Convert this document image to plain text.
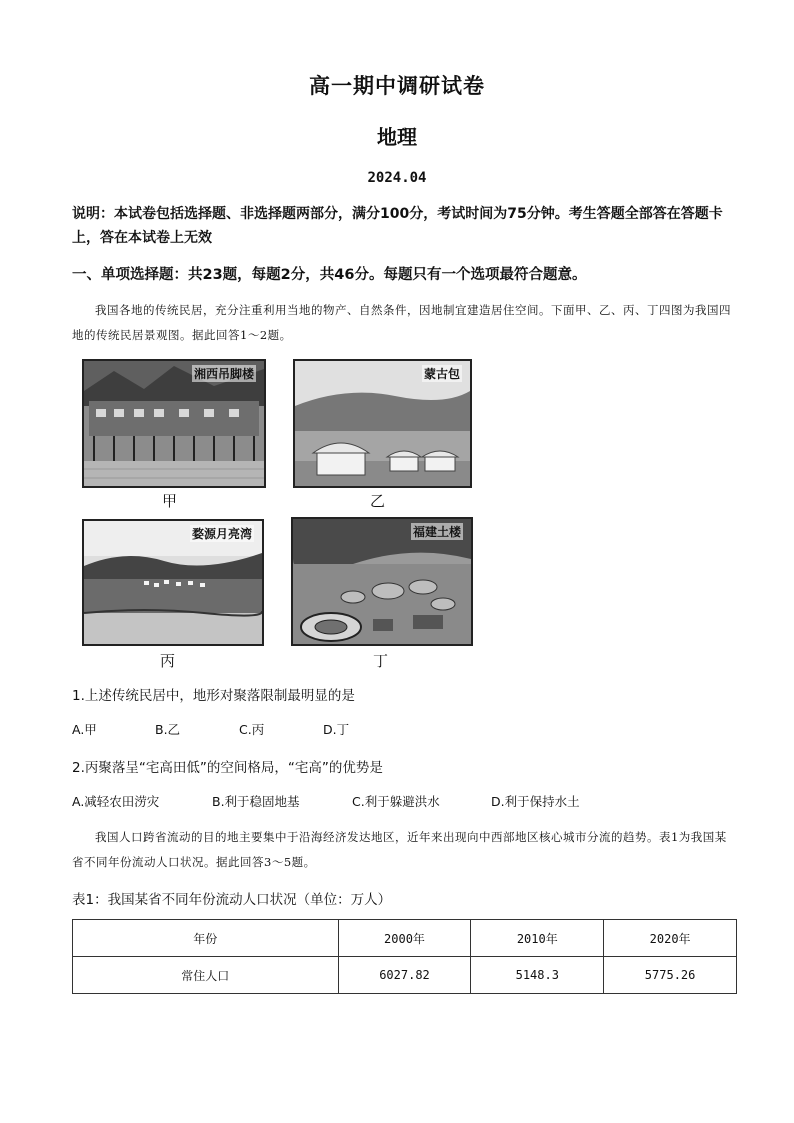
高一期中调研试卷
地理
2024.04
说明：本试卷包括选择题、非选择题两部分，满分100分，考试时间为75分钟。考生答题全部答在答题卡上，答在本试卷上无效
一、单项选择题：共23题，每题2分，共46分。每题只有一个选项最符合题意。
我国各地的传统民居，充分注重利用当地的物产、自然条件，因地制宜建造居住空间。下面甲、乙、丙、丁四图为我国四地的传统民居景观图。据此回答1～2题。
湘西吊脚楼
甲
蒙古包
乙
婺源月亮湾
丙
福建土楼
丁
1.上述传统民居中，地形对聚落限制最明显的是
A.甲	B.乙	C.丙	D.丁
2.丙聚落呈“宅高田低”的空间格局，“宅高”的优势是
A.减轻农田涝灾	B.利于稳固地基	C.利于躲避洪水	D.利于保持水土
我国人口跨省流动的目的地主要集中于沿海经济发达地区，近年来出现向中西部地区核心城市分流的趋势。表1为我国某省不同年份流动人口状况。据此回答3～5题。
表1：我国某省不同年份流动人口状况（单位：万人）
年份	2000年	2010年	2020年
常住人口	6027.82	5148.3	5775.26
